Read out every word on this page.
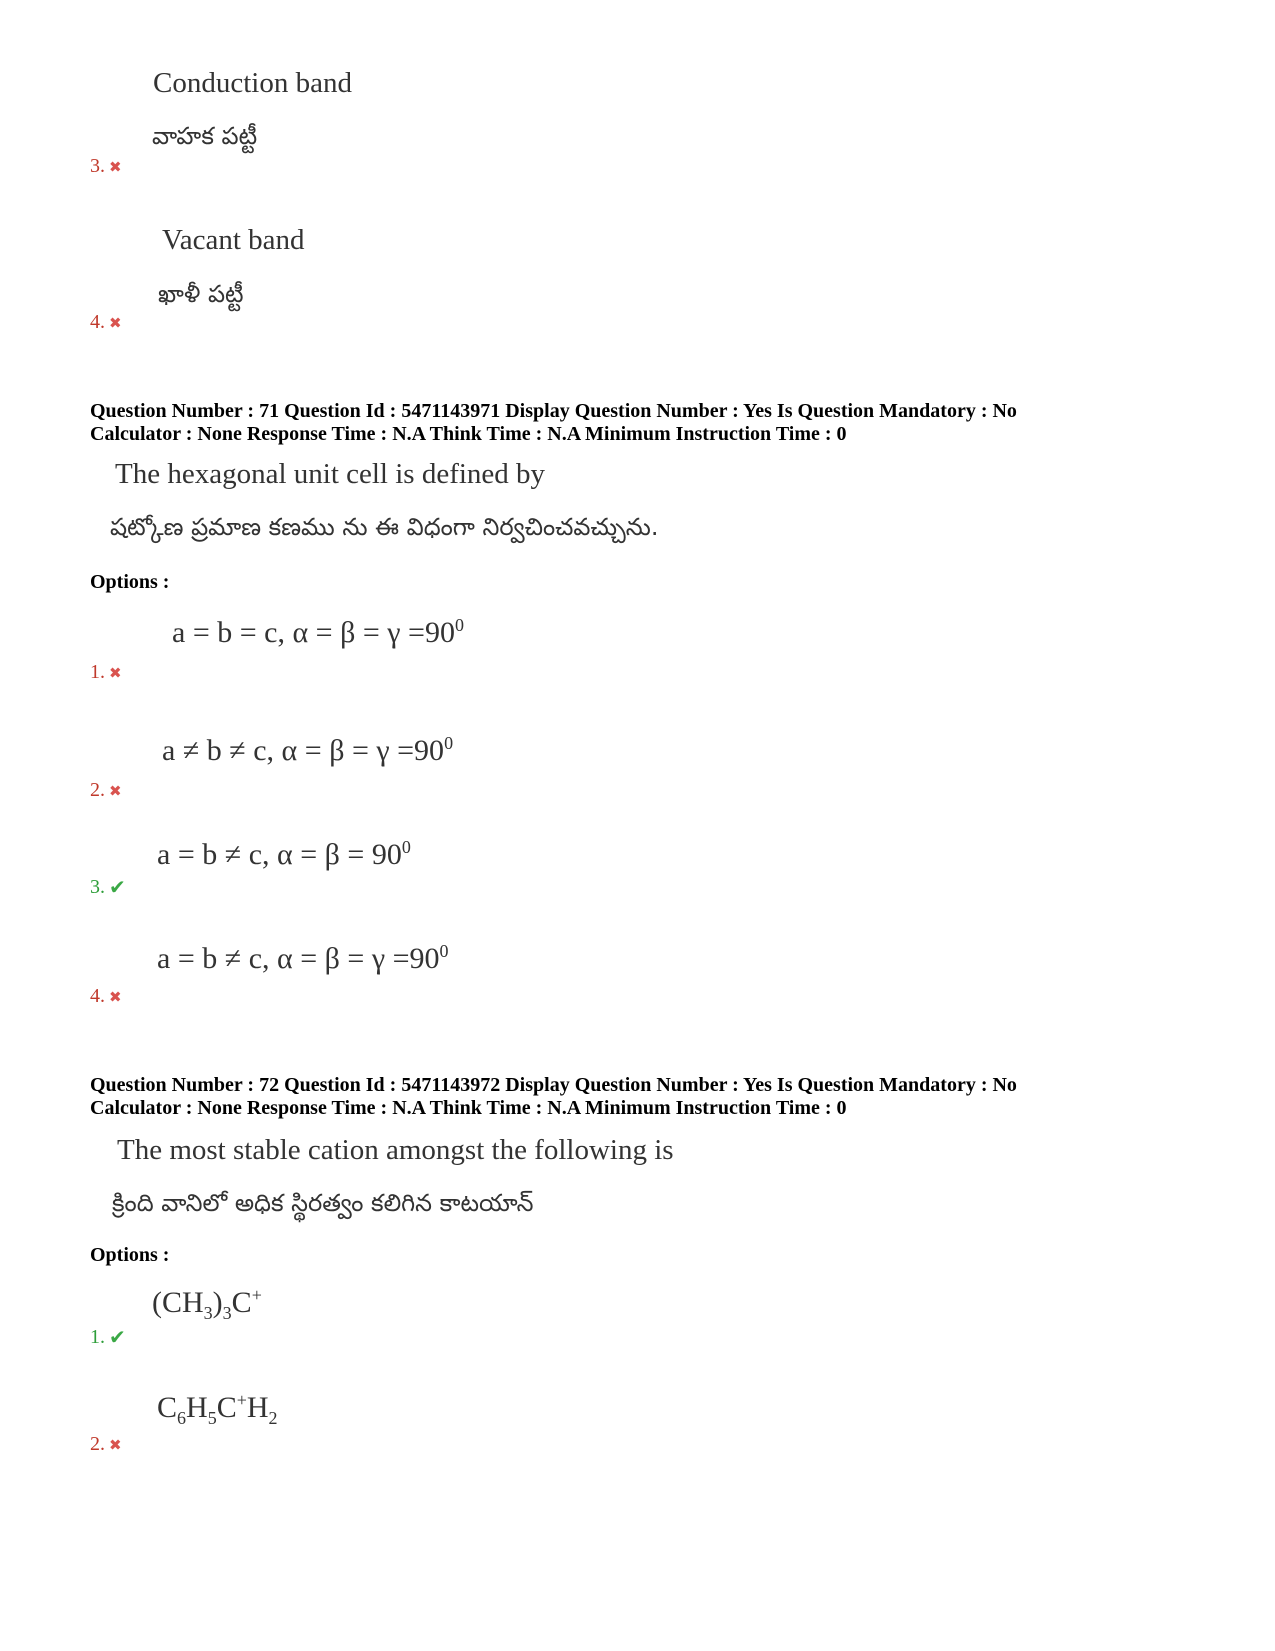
Conduction band
వాహక పట్టీ
3. ✖
Vacant band
ఖాళీ పట్టీ
4. ✖
Question Number : 71 Question Id : 5471143971 Display Question Number : Yes Is Question Mandatory : No
Calculator : None Response Time : N.A Think Time : N.A Minimum Instruction Time : 0
The hexagonal unit cell is defined by
షట్కోణ ప్రమాణ కణము ను ఈ విధంగా నిర్వచించవచ్చును.
Options :
a = b = c, $\alpha = \beta = \gamma =90^0$
1. ✖
a ≠ b ≠ c, $\alpha = \beta = \gamma =90^0$
2. ✖
a = b ≠ c, $\alpha = \beta = 90^0$
3. ✔
a = b ≠ c, $\alpha = \beta = \gamma =90^0$
4. ✖
Question Number : 72 Question Id : 5471143972 Display Question Number : Yes Is Question Mandatory : No
Calculator : None Response Time : N.A Think Time : N.A Minimum Instruction Time : 0
The most stable cation amongst the following is
క్రింది వానిలో అధిక స్థిరత్వం కలిగిన కాటయాన్
Options :
$(CH_3)_3C^+$
1. ✔
$C_6H_5C^+H_2$
2. ✖
